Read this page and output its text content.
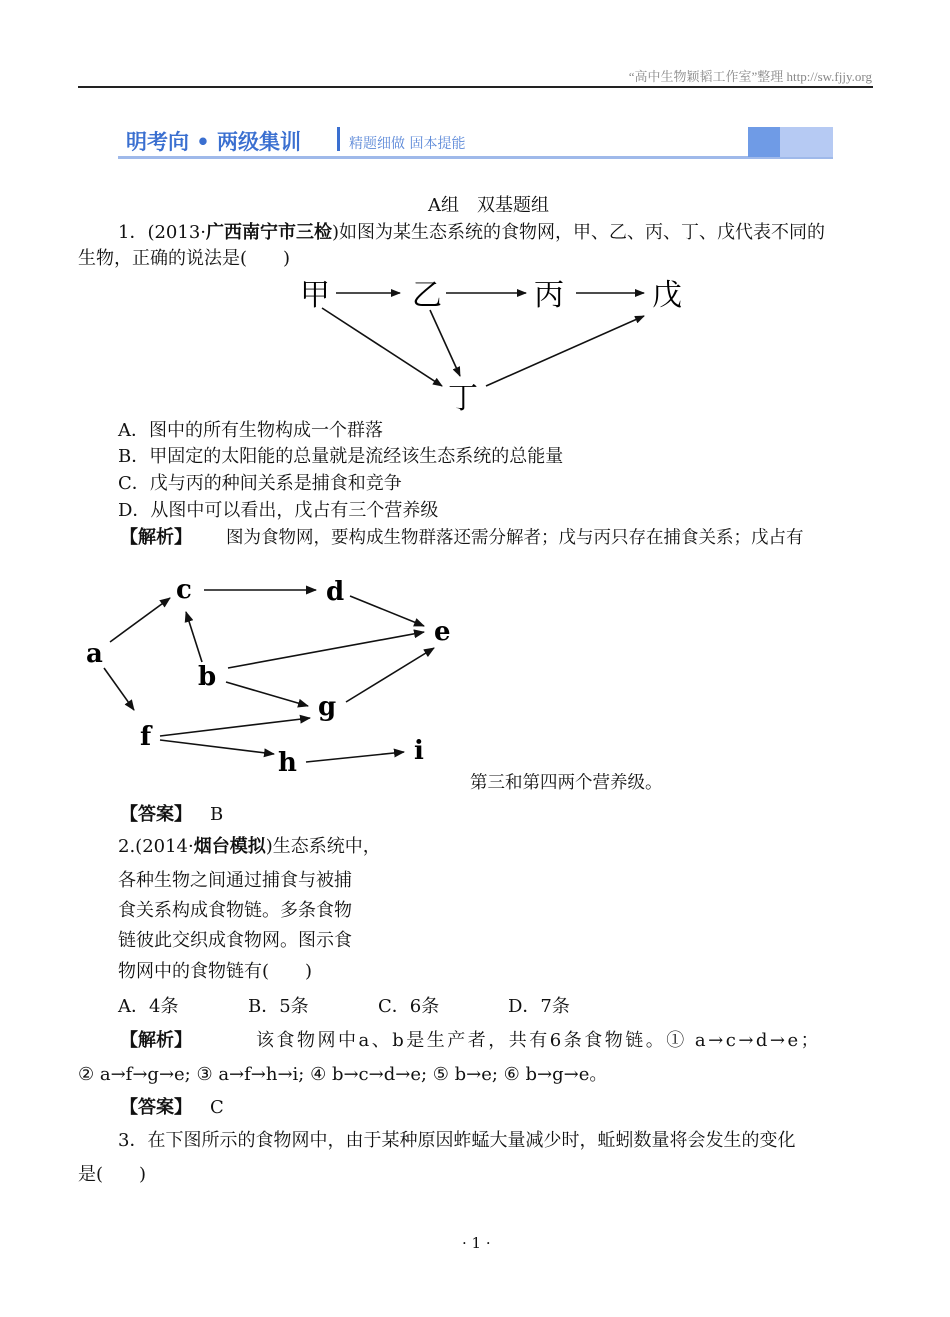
“高中生物颖韬工作室”整理 http://sw.fjjy.org
明考向 • 两级集训	精题细做 固本提能
A组　双基题组
1．(2013·广西南宁市三检)如图为某生态系统的食物网，甲、乙、丙、丁、戊代表不同的
生物，正确的说法是(　　)
甲	乙	丙	戊
丁
A．图中的所有生物构成一个群落
B．甲固定的太阳能的总量就是流经该生态系统的总能量
C．戊与丙的种间关系是捕食和竞争
D．从图中可以看出，戊占有三个营养级
【解析】 图为食物网，要构成生物群落还需分解者；戊与丙只存在捕食关系；戊占有
a
b
c	d
e
f
g
h	i
第三和第四两个营养级。
【答案】 B
2.(2014·烟台模拟)生态系统中，
各种生物之间通过捕食与被捕
食关系构成食物链。多条食物
链彼此交织成食物网。图示食
物网中的食物链有(　　)
A．4条	B．5条	C．6条	D．7条
【解析】	该食物网中a、b是生产者，共有6条食物链。① a→c→d→e；
② a→f→g→e; ③ a→f→h→i; ④ b→c→d→e; ⑤ b→e; ⑥ b→g→e。
【答案】 C
3．在下图所示的食物网中，由于某种原因蚱蜢大量减少时，蚯蚓数量将会发生的变化
是(　　)
· 1 ·
